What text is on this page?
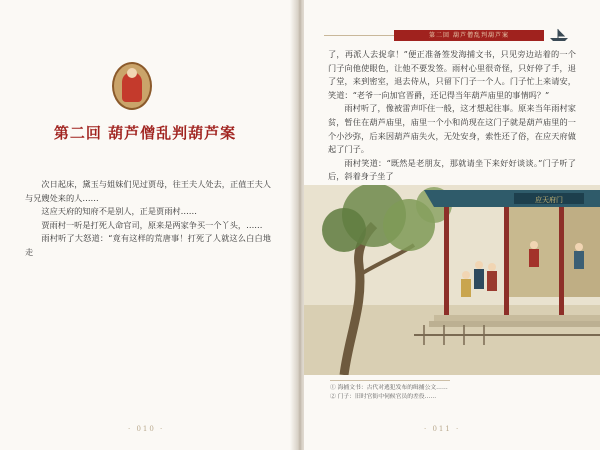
第二回 葫芦僧乱判葫芦案

次日起床，黛玉与姐妹们见过贾母，往王夫人处去，正值王夫人与兄嫂处来的人……

这应天府的知府不是别人，正是贾雨村……

贾雨村一听是打死人命官司，原来是两家争买一个丫头，……

雨村听了大怒道：“竟有这样的荒唐事！打死了人就这么白白地走

· 010 ·
第二回 葫芦僧乱判葫芦案

了，再派人去捉拿！”便正准备签发海捕文书，只见旁边站着的一个门子向他使眼色，让他不要发签。雨村心里很奇怪，只好停了手，退了堂，来到密室，退去侍从，只留下门子一个人。门子忙上来请安，笑道：“老爷一向加官晋爵，还记得当年葫芦庙里的事情吗？”

雨村听了，像被雷声吓住一般，这才想起往事。原来当年雨村家贫，暂住在葫芦庙里，庙里一个小和尚现在这门子就是葫芦庙里的一个小沙弥，后来因葫芦庙失火，无处安身，索性还了俗，在应天府做起了门子。

雨村笑道：“既然是老朋友，那就请坐下来好好谈谈。”门子听了后，斜着身子坐了

应天府门

① 海捕文书：古代对逃犯发布的缉捕公文……

② 门子：旧时官衙中伺候官员的差役……

· 011 ·
